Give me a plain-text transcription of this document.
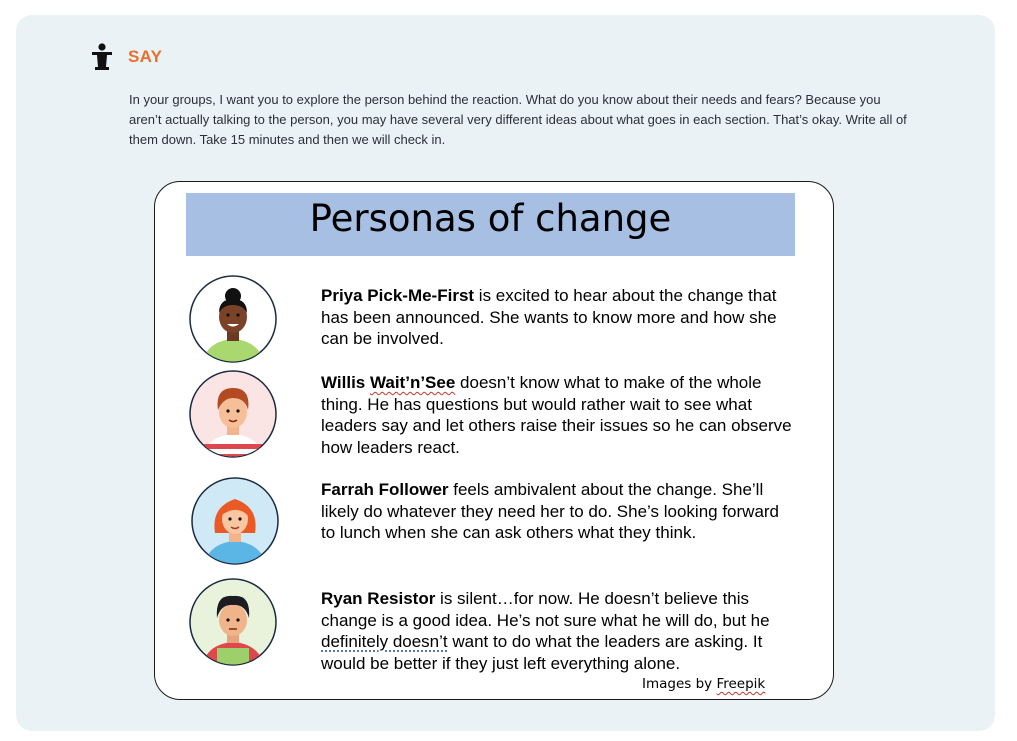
SAY
In your groups, I want you to explore the person behind the reaction. What do you know about their needs and fears? Because you aren’t actually talking to the person, you may have several very different ideas about what goes in each section. That’s okay. Write all of them down. Take 15 minutes and then we will check in.
Personas of change
Priya Pick-Me-First is excited to hear about the change that has been announced. She wants to know more and how she can be involved.
Willis Wait’n’See doesn’t know what to make of the whole thing. He has questions but would rather wait to see what leaders say and let others raise their issues so he can observe how leaders react.
Farrah Follower feels ambivalent about the change. She’ll likely do whatever they need her to do. She’s looking forward to lunch when she can ask others what they think.
Ryan Resistor is silent…for now. He doesn’t believe this change is a good idea. He’s not sure what he will do, but he definitely doesn’t want to do what the leaders are asking. It would be better if they just left everything alone.
Images by Freepik
